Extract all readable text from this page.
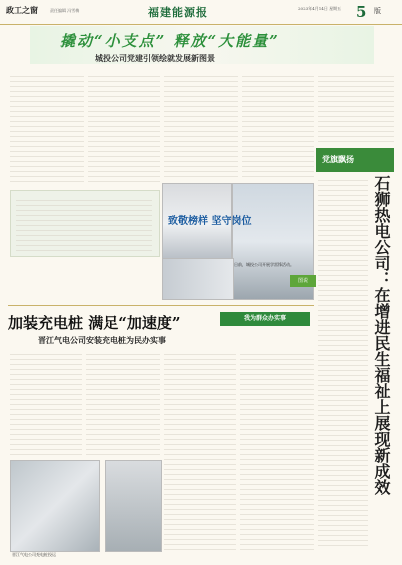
政工之窗	责任编辑 冯雪梅	福建能源报	2023年4月14日 星期五 5 版
撬动“小支点” 释放“大能量”
城投公司党建引领绘就发展新图景
致敬榜样 坚守岗位
日前，城投公司开展学雷锋活动。
图说
党旗飘扬
石狮热电公司：在增进民生福祉上展现新成效
加装充电桩 满足“加速度”
晋江气电公司安装充电桩为民办实事
我为群众办实事
晋江气电公司充电桩投运
